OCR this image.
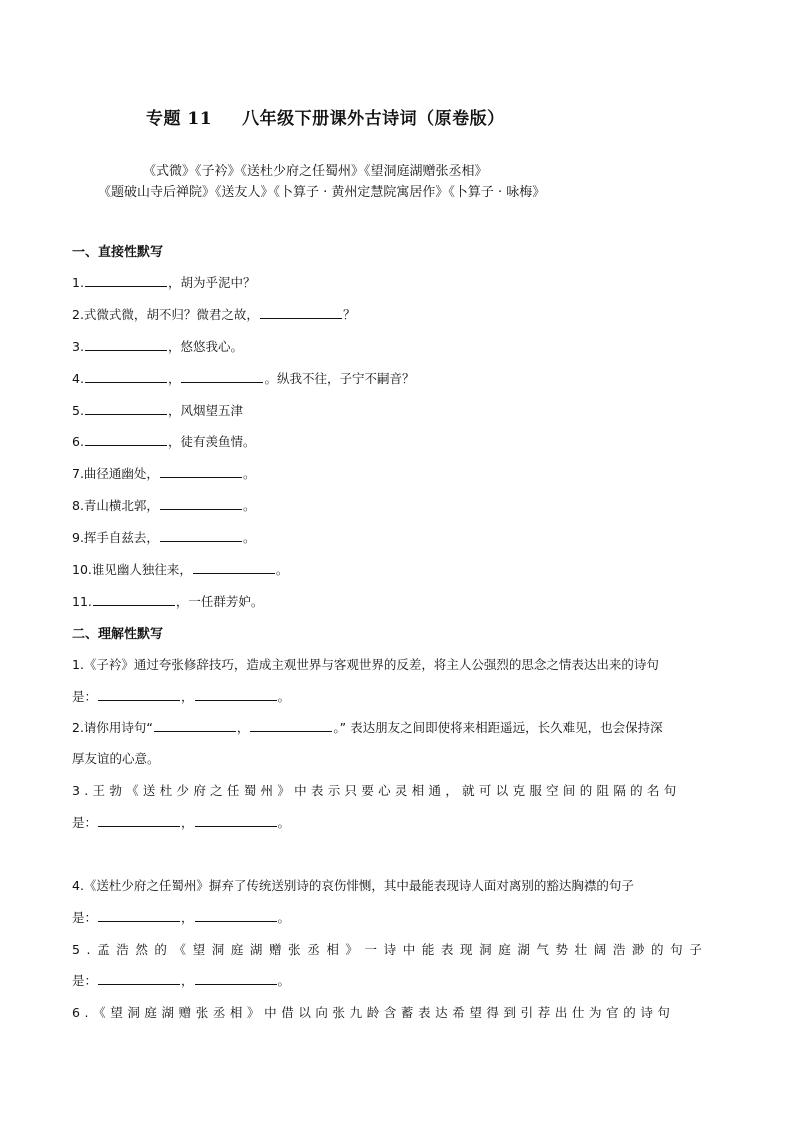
专题 11 八年级下册课外古诗词（原卷版）
《式微》《子衿》《送杜少府之任蜀州》《望洞庭湖赠张丞相》
《题破山寺后禅院》《送友人》《卜算子 · 黄州定慧院寓居作》《卜算子 · 咏梅》
一、直接性默写
1.	，胡为乎泥中？
2.式微式微，胡不归？微君之故，	？
3.	，悠悠我心。
4.	，	。纵我不往，子宁不嗣音？
5.	，风烟望五津
6.	，徒有羡鱼情。
7.曲径通幽处，	。
8.青山横北郭，	。
9.挥手自兹去，	。
10.谁见幽人独往来，	。
11.	，一任群芳妒。
二、理解性默写
1.《子衿》通过夸张修辞技巧，造成主观世界与客观世界的反差，将主人公强烈的思念之情表达出来的诗句
是：	，	。
2.请你用诗句“	，	。” 表达朋友之间即使将来相距遥远，长久难见，也会保持深
厚友谊的心意。
3.王勃《送杜少府之任蜀州》中表示只要心灵相通，就可以克服空间的阻隔的名句
是：	，	。
4.《送杜少府之任蜀州》摒弃了传统送别诗的哀伤悱恻，其中最能表现诗人面对离别的豁达胸襟的句子
是：	，	。
5.孟浩然的《望洞庭湖赠张丞相》一诗中能表现洞庭湖气势壮阔浩渺的句子
是：	，	。
6.《望洞庭湖赠张丞相》中借以向张九龄含蓄表达希望得到引荐出仕为官的诗句
